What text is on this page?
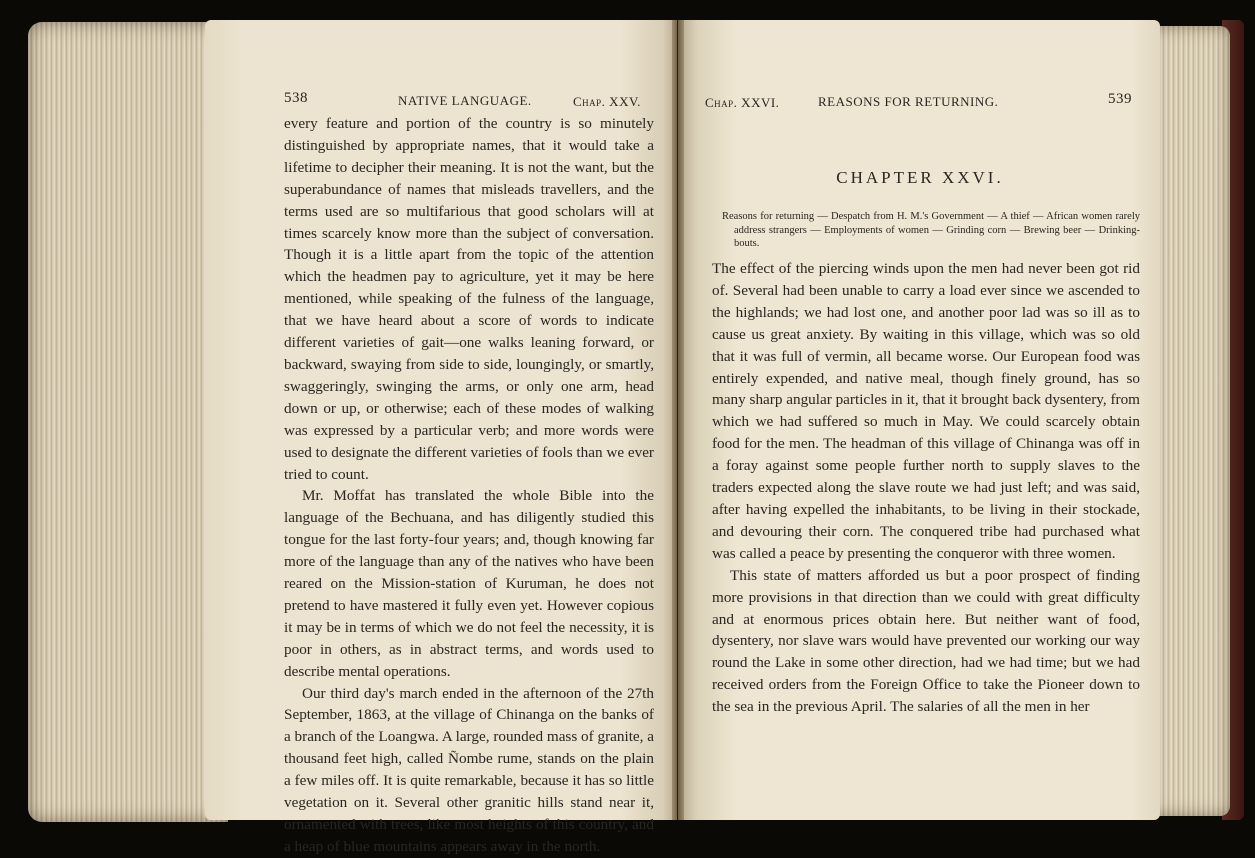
538	NATIVE LANGUAGE.	Chap. XXV.

every feature and portion of the country is so minutely distinguished by appropriate names, that it would take a lifetime to decipher their meaning. It is not the want, but the superabundance of names that misleads travellers, and the terms used are so multifarious that good scholars will at times scarcely know more than the subject of conversation. Though it is a little apart from the topic of the attention which the headmen pay to agriculture, yet it may be here mentioned, while speaking of the fulness of the language, that we have heard about a score of words to indicate different varieties of gait—one walks leaning forward, or backward, swaying from side to side, loungingly, or smartly, swaggeringly, swinging the arms, or only one arm, head down or up, or otherwise; each of these modes of walking was expressed by a particular verb; and more words were used to designate the different varieties of fools than we ever tried to count.

Mr. Moffat has translated the whole Bible into the language of the Bechuana, and has diligently studied this tongue for the last forty-four years; and, though knowing far more of the language than any of the natives who have been reared on the Mission-station of Kuruman, he does not pretend to have mastered it fully even yet. However copious it may be in terms of which we do not feel the necessity, it is poor in others, as in abstract terms, and words used to describe mental operations.

Our third day's march ended in the afternoon of the 27th September, 1863, at the village of Chinanga on the banks of a branch of the Loangwa. A large, rounded mass of granite, a thousand feet high, called Ñombe rume, stands on the plain a few miles off. It is quite remarkable, because it has so little vegetation on it. Several other granitic hills stand near it, ornamented with trees, like most heights of this country, and a heap of blue mountains appears away in the north.

Chap. XXVI.	REASONS FOR RETURNING.	539
CHAPTER XXVI.
Reasons for returning — Despatch from H. M.'s Government — A thief — African women rarely address strangers — Employments of women — Grinding corn — Brewing beer — Drinking-bouts.

The effect of the piercing winds upon the men had never been got rid of. Several had been unable to carry a load ever since we ascended to the highlands; we had lost one, and another poor lad was so ill as to cause us great anxiety. By waiting in this village, which was so old that it was full of vermin, all became worse. Our European food was entirely expended, and native meal, though finely ground, has so many sharp angular particles in it, that it brought back dysentery, from which we had suffered so much in May. We could scarcely obtain food for the men. The headman of this village of Chinanga was off in a foray against some people further north to supply slaves to the traders expected along the slave route we had just left; and was said, after having expelled the inhabitants, to be living in their stockade, and devouring their corn. The conquered tribe had purchased what was called a peace by presenting the conqueror with three women.

This state of matters afforded us but a poor prospect of finding more provisions in that direction than we could with great difficulty and at enormous prices obtain here. But neither want of food, dysentery, nor slave wars would have prevented our working our way round the Lake in some other direction, had we had time; but we had received orders from the Foreign Office to take the Pioneer down to the sea in the previous April. The salaries of all the men in her
